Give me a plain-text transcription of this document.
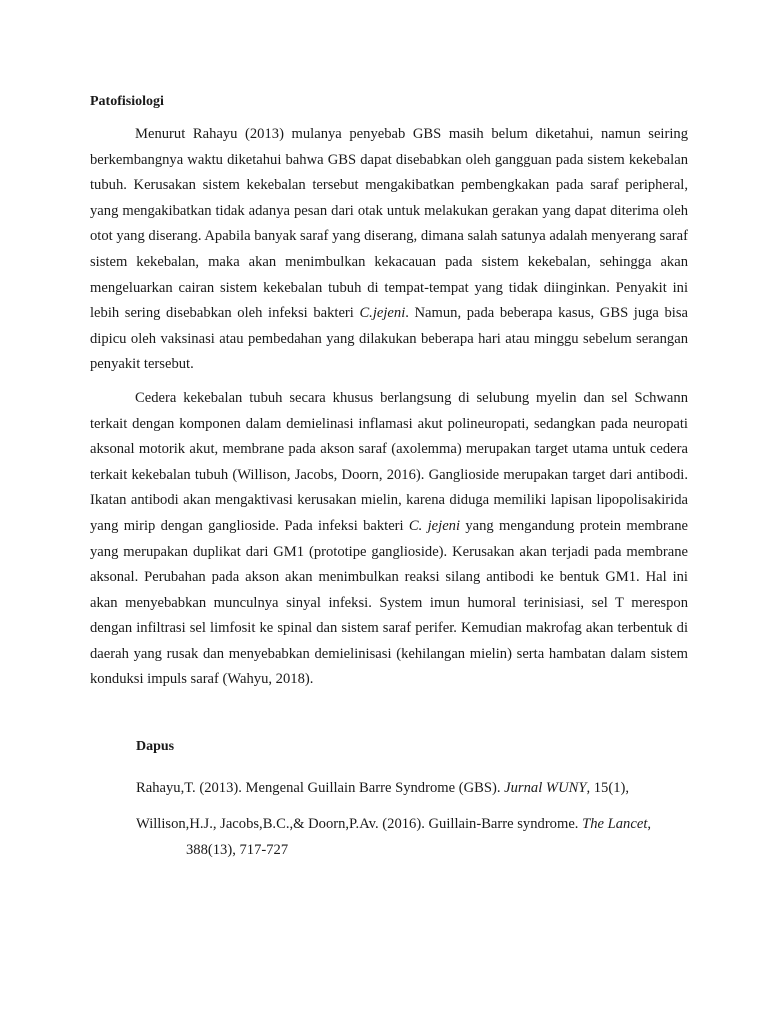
Patofisiologi

Menurut Rahayu (2013) mulanya penyebab GBS masih belum diketahui, namun seiring berkembangnya waktu diketahui bahwa GBS dapat disebabkan oleh gangguan pada sistem kekebalan tubuh. Kerusakan sistem kekebalan tersebut mengakibatkan pembengkakan pada saraf peripheral, yang mengakibatkan tidak adanya pesan dari otak untuk melakukan gerakan yang dapat diterima oleh otot yang diserang. Apabila banyak saraf yang diserang, dimana salah satunya adalah menyerang saraf sistem kekebalan, maka akan menimbulkan kekacauan pada sistem kekebalan, sehingga akan mengeluarkan cairan sistem kekebalan tubuh di tempat-tempat yang tidak diinginkan. Penyakit ini lebih sering disebabkan oleh infeksi bakteri C.jejeni. Namun, pada beberapa kasus, GBS juga bisa dipicu oleh vaksinasi atau pembedahan yang dilakukan beberapa hari atau minggu sebelum serangan penyakit tersebut.

Cedera kekebalan tubuh secara khusus berlangsung di selubung myelin dan sel Schwann terkait dengan komponen dalam demielinasi inflamasi akut polineuropati, sedangkan pada neuropati aksonal motorik akut, membrane pada akson saraf (axolemma) merupakan target utama untuk cedera terkait kekebalan tubuh (Willison, Jacobs, Doorn, 2016). Ganglioside merupakan target dari antibodi. Ikatan antibodi akan mengaktivasi kerusakan mielin, karena diduga memiliki lapisan lipopolisakirida yang mirip dengan ganglioside. Pada infeksi bakteri C. jejeni yang mengandung protein membrane yang merupakan duplikat dari GM1 (prototipe ganglioside). Kerusakan akan terjadi pada membrane aksonal. Perubahan pada akson akan menimbulkan reaksi silang antibodi ke bentuk GM1. Hal ini akan menyebabkan munculnya sinyal infeksi. System imun humoral terinisiasi, sel T merespon dengan infiltrasi sel limfosit ke spinal dan sistem saraf perifer. Kemudian makrofag akan terbentuk di daerah yang rusak dan menyebabkan demielinisasi (kehilangan mielin) serta hambatan dalam sistem konduksi impuls saraf (Wahyu, 2018).

Dapus

Rahayu,T. (2013). Mengenal Guillain Barre Syndrome (GBS). Jurnal WUNY, 15(1),

Willison,H.J., Jacobs,B.C.,& Doorn,P.Av. (2016). Guillain-Barre syndrome. The Lancet, 388(13), 717-727
